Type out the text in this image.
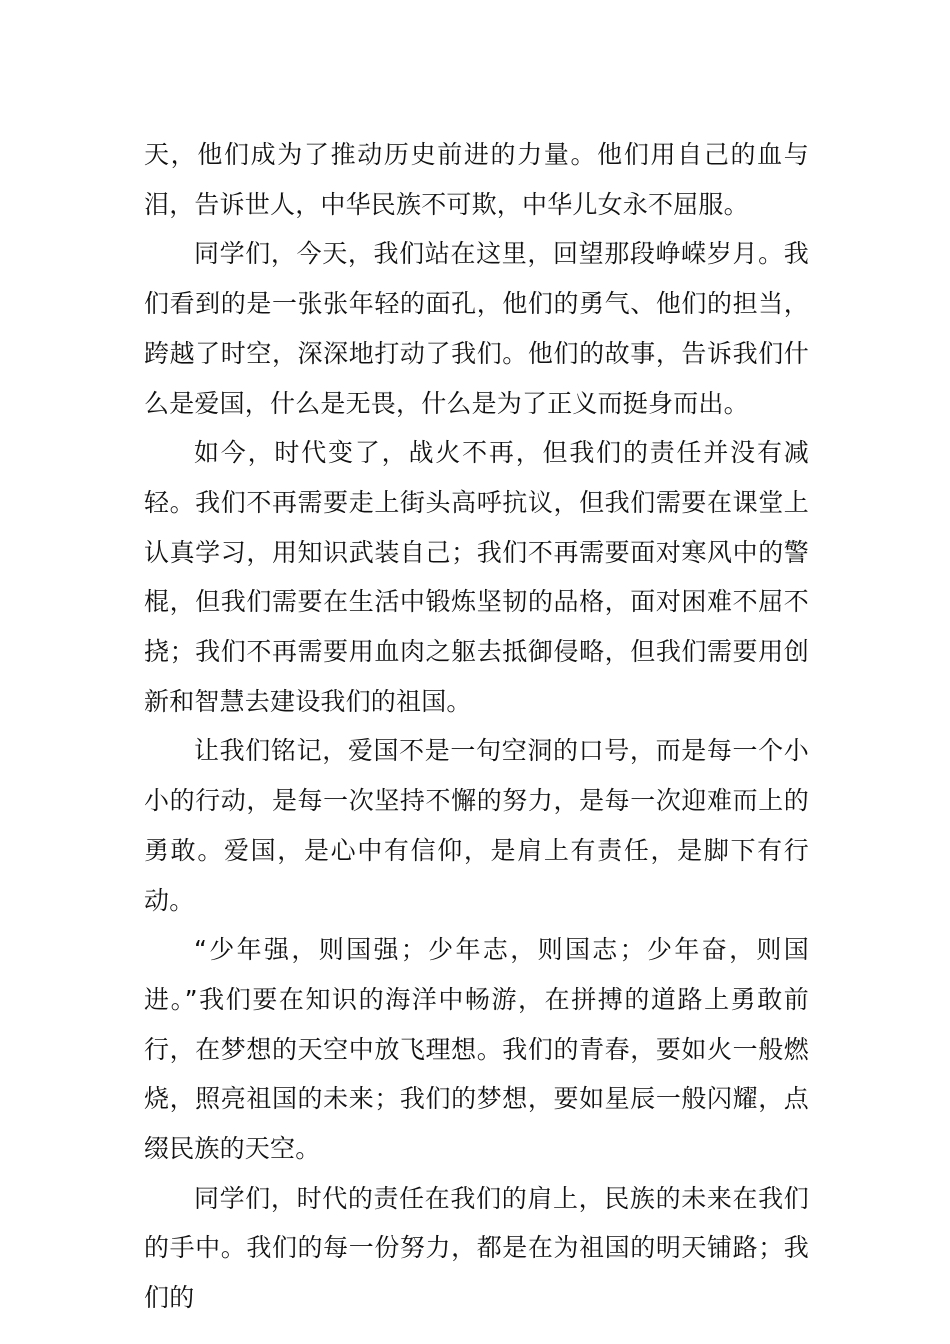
天，他们成为了推动历史前进的力量。他们用自己的血与泪，告诉世人，中华民族不可欺，中华儿女永不屈服。

同学们，今天，我们站在这里，回望那段峥嵘岁月。我们看到的是一张张年轻的面孔，他们的勇气、他们的担当，跨越了时空，深深地打动了我们。他们的故事，告诉我们什么是爱国，什么是无畏，什么是为了正义而挺身而出。

如今，时代变了，战火不再，但我们的责任并没有减轻。我们不再需要走上街头高呼抗议，但我们需要在课堂上认真学习，用知识武装自己；我们不再需要面对寒风中的警棍，但我们需要在生活中锻炼坚韧的品格，面对困难不屈不挠；我们不再需要用血肉之躯去抵御侵略，但我们需要用创新和智慧去建设我们的祖国。

让我们铭记，爱国不是一句空洞的口号，而是每一个小小的行动，是每一次坚持不懈的努力，是每一次迎难而上的勇敢。爱国，是心中有信仰，是肩上有责任，是脚下有行动。

“少年强，则国强；少年志，则国志；少年奋，则国进。”我们要在知识的海洋中畅游，在拼搏的道路上勇敢前行，在梦想的天空中放飞理想。我们的青春，要如火一般燃烧，照亮祖国的未来；我们的梦想，要如星辰一般闪耀，点缀民族的天空。

同学们，时代的责任在我们的肩上，民族的未来在我们的手中。我们的每一份努力，都是在为祖国的明天铺路；我们的
